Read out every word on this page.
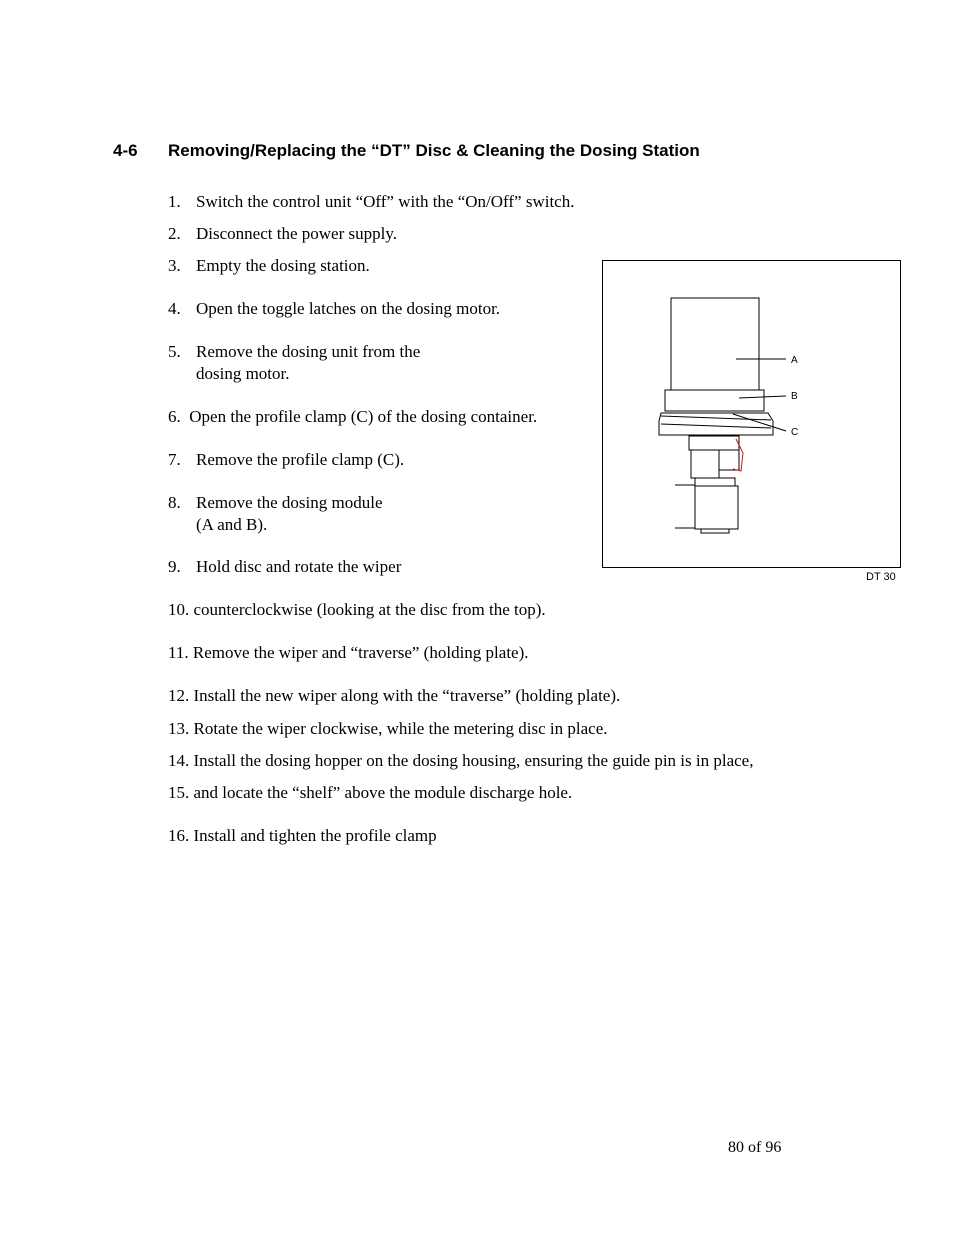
4-6 Removing/Replacing the “DT” Disc & Cleaning the Dosing Station
1. Switch the control unit “Off” with the “On/Off” switch.
2. Disconnect the power supply.
3. Empty the dosing station.
4. Open the toggle latches on the dosing motor.
5. Remove the dosing unit from the
dosing motor.
6. Open the profile clamp (C) of the dosing container.
7. Remove the profile clamp (C).
8. Remove the dosing module
(A and B).
9. Hold disc and rotate the wiper
10. counterclockwise (looking at the disc from the top).
11. Remove the wiper and “traverse” (holding plate).
12. Install the new wiper along with the “traverse” (holding plate).
13. Rotate the wiper clockwise, while the metering disc in place.
14. Install the dosing hopper on the dosing housing, ensuring the guide pin is in place,
15. and locate the “shelf” above the module discharge hole.
16. Install and tighten the profile clamp
A
B
C
DT 30
80 of 96
